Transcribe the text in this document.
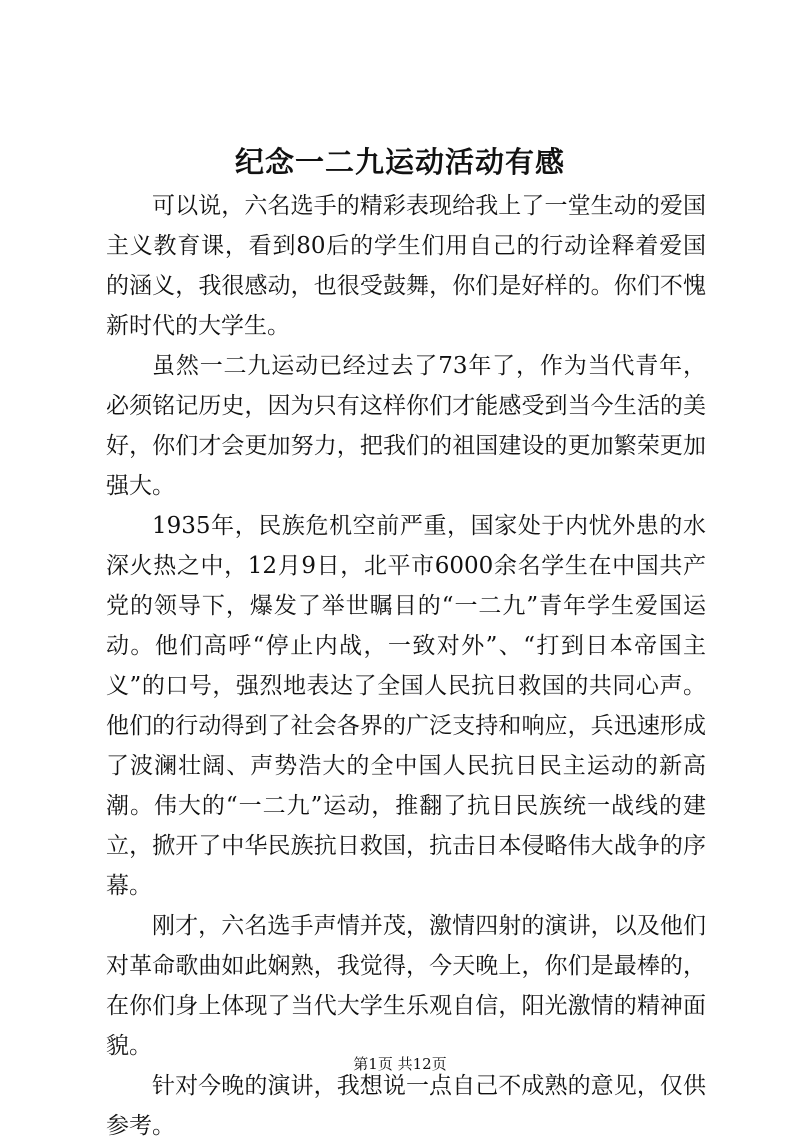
纪念一二九运动活动有感

可以说，六名选手的精彩表现给我上了一堂生动的爱国主义教育课，看到80后的学生们用自己的行动诠释着爱国的涵义，我很感动，也很受鼓舞，你们是好样的。你们不愧新时代的大学生。

虽然一二九运动已经过去了73年了，作为当代青年，必须铭记历史，因为只有这样你们才能感受到当今生活的美好，你们才会更加努力，把我们的祖国建设的更加繁荣更加强大。

1935年，民族危机空前严重，国家处于内忧外患的水深火热之中，12月9日，北平市6000余名学生在中国共产党的领导下，爆发了举世瞩目的“一二九”青年学生爱国运动。他们高呼“停止内战，一致对外”、“打到日本帝国主义”的口号，强烈地表达了全国人民抗日救国的共同心声。他们的行动得到了社会各界的广泛支持和响应，兵迅速形成了波澜壮阔、声势浩大的全中国人民抗日民主运动的新高潮。伟大的“一二九”运动，推翻了抗日民族统一战线的建立，掀开了中华民族抗日救国，抗击日本侵略伟大战争的序幕。

刚才，六名选手声情并茂，激情四射的演讲，以及他们对革命歌曲如此娴熟，我觉得，今天晚上，你们是最棒的，在你们身上体现了当代大学生乐观自信，阳光激情的精神面貌。

针对今晚的演讲，我想说一点自己不成熟的意见，仅供参考。

第1页 共12页
